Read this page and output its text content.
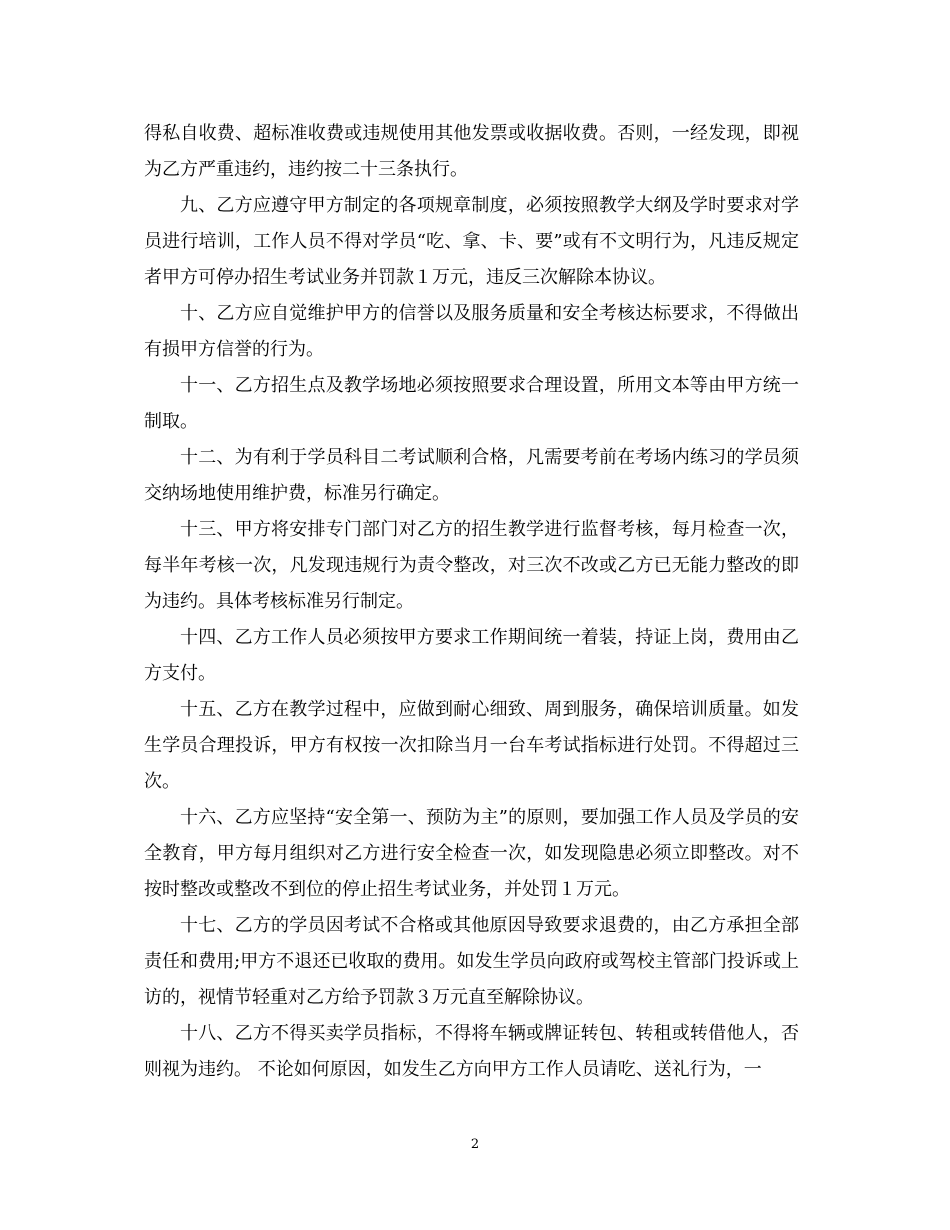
得私自收费、超标准收费或违规使用其他发票或收据收费。否则，一经发现，即视为乙方严重违约，违约按二十三条执行。

九、乙方应遵守甲方制定的各项规章制度，必须按照教学大纲及学时要求对学员进行培训，工作人员不得对学员“吃、拿、卡、要”或有不文明行为，凡违反规定者甲方可停办招生考试业务并罚款１万元，违反三次解除本协议。

十、乙方应自觉维护甲方的信誉以及服务质量和安全考核达标要求，不得做出有损甲方信誉的行为。

十一、乙方招生点及教学场地必须按照要求合理设置，所用文本等由甲方统一制取。

十二、为有利于学员科目二考试顺利合格，凡需要考前在考场内练习的学员须交纳场地使用维护费，标准另行确定。

十三、甲方将安排专门部门对乙方的招生教学进行监督考核，每月检查一次，每半年考核一次，凡发现违规行为责令整改，对三次不改或乙方已无能力整改的即为违约。具体考核标准另行制定。

十四、乙方工作人员必须按甲方要求工作期间统一着装，持证上岗，费用由乙方支付。

十五、乙方在教学过程中，应做到耐心细致、周到服务，确保培训质量。如发生学员合理投诉，甲方有权按一次扣除当月一台车考试指标进行处罚。不得超过三次。

十六、乙方应坚持“安全第一、预防为主”的原则，要加强工作人员及学员的安全教育，甲方每月组织对乙方进行安全检查一次，如发现隐患必须立即整改。对不按时整改或整改不到位的停止招生考试业务，并处罚１万元。

十七、乙方的学员因考试不合格或其他原因导致要求退费的，由乙方承担全部责任和费用;甲方不退还已收取的费用。如发生学员向政府或驾校主管部门投诉或上访的，视情节轻重对乙方给予罚款３万元直至解除协议。

十八、乙方不得买卖学员指标，不得将车辆或牌证转包、转租或转借他人，否则视为违约。 不论如何原因，如发生乙方向甲方工作人员请吃、送礼行为，一

2
